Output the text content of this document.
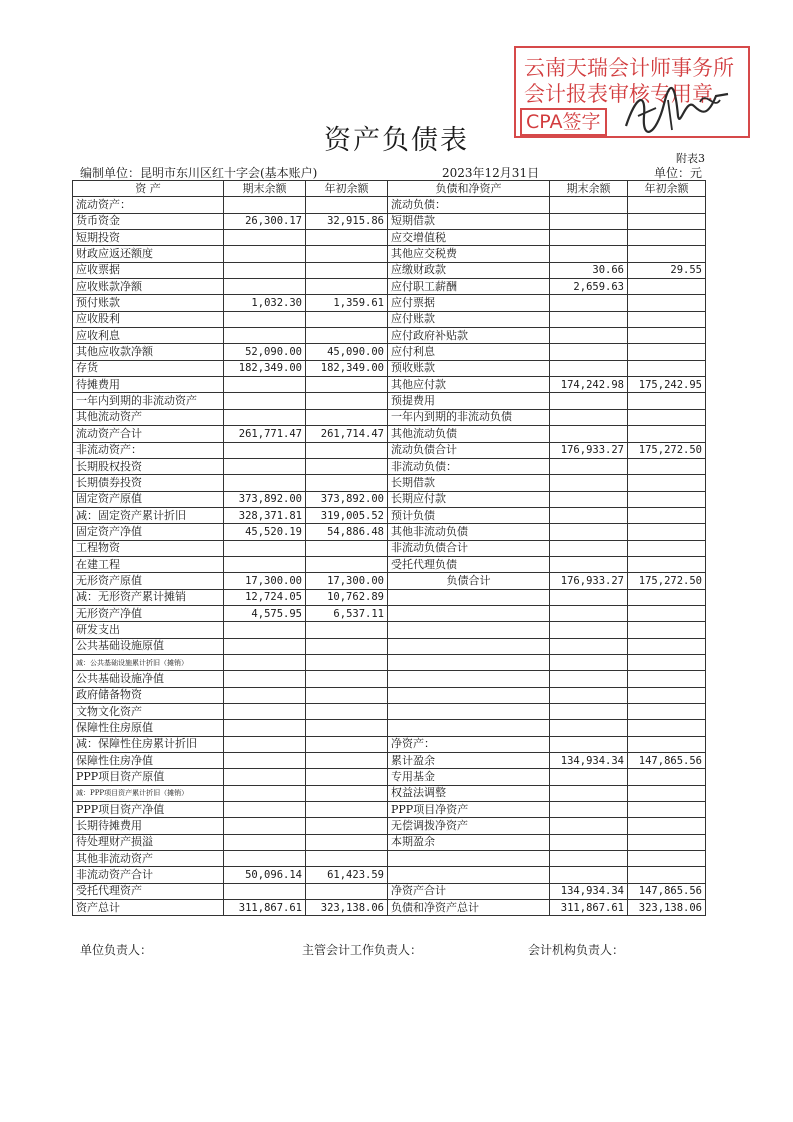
云南天瑞会计师事务所
会计报表审核专用章
CPA签字
资产负债表
附表3
编制单位：昆明市东川区红十字会(基本账户)	2023年12月31日	单位：元
资 产	期末余额	年初余额	负债和净资产	期末余额	年初余额
流动资产：			流动负债：		
货币资金	26,300.17	32,915.86	短期借款		
短期投资			应交增值税		
财政应返还额度			其他应交税费		
应收票据			应缴财政款	30.66	29.55
应收账款净额			应付职工薪酬	2,659.63	
预付账款	1,032.30	1,359.61	应付票据		
应收股利			应付账款		
应收利息			应付政府补贴款		
其他应收款净额	52,090.00	45,090.00	应付利息		
存货	182,349.00	182,349.00	预收账款		
待摊费用			其他应付款	174,242.98	175,242.95
一年内到期的非流动资产			预提费用		
其他流动资产			一年内到期的非流动负债		
流动资产合计	261,771.47	261,714.47	其他流动负债		
非流动资产：			流动负债合计	176,933.27	175,272.50
长期股权投资			非流动负债：		
长期债券投资			长期借款		
固定资产原值	373,892.00	373,892.00	长期应付款		
减：固定资产累计折旧	328,371.81	319,005.52	预计负债		
固定资产净值	45,520.19	54,886.48	其他非流动负债		
工程物资			非流动负债合计		
在建工程			受托代理负债		
无形资产原值	17,300.00	17,300.00	负债合计	176,933.27	175,272.50
减：无形资产累计摊销	12,724.05	10,762.89			
无形资产净值	4,575.95	6,537.11			
研发支出					
公共基础设施原值					
减：公共基础设施累计折旧（摊销）					
公共基础设施净值					
政府储备物资					
文物文化资产					
保障性住房原值					
减：保障性住房累计折旧			净资产：		
保障性住房净值			累计盈余	134,934.34	147,865.56
PPP项目资产原值			专用基金		
减：PPP项目资产累计折旧（摊销）			权益法调整		
PPP项目资产净值			PPP项目净资产		
长期待摊费用			无偿调拨净资产		
待处理财产损溢			本期盈余		
其他非流动资产					
非流动资产合计	50,096.14	61,423.59			
受托代理资产			净资产合计	134,934.34	147,865.56
资产总计	311,867.61	323,138.06	负债和净资产总计	311,867.61	323,138.06
单位负责人：	主管会计工作负责人：	会计机构负责人：
